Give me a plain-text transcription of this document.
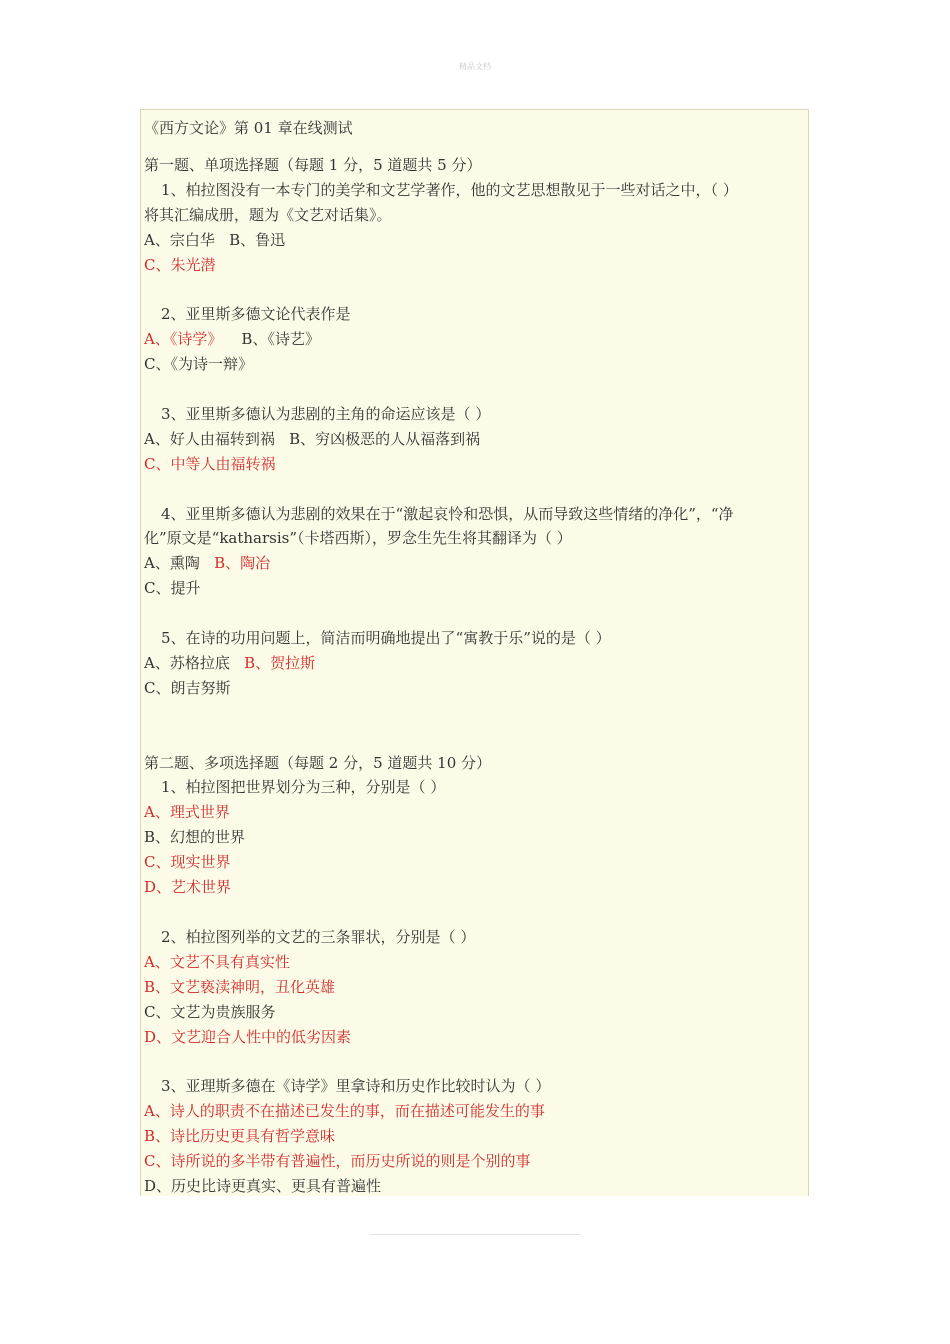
精品文档
《西方文论》第 01 章在线测试
第一题、单项选择题（每题 1 分，5 道题共 5 分）
1、柏拉图没有一本专门的美学和文艺学著作，他的文艺思想散见于一些对话之中，（ ）
将其汇编成册，题为《文艺对话集》。
A、宗白华 B、鲁迅
C、朱光潜
2、亚里斯多德文论代表作是
A、《诗学》 B、《诗艺》
C、《为诗一辩》
3、亚里斯多德认为悲剧的主角的命运应该是（ ）
A、好人由福转到祸 B、穷凶极恶的人从福落到祸
C、中等人由福转祸
4、亚里斯多德认为悲剧的效果在于“激起哀怜和恐惧，从而导致这些情绪的净化”，“净
化”原文是“katharsis”（卡塔西斯），罗念生先生将其翻译为（ ）
A、熏陶 B、陶冶
C、提升
5、在诗的功用问题上，简洁而明确地提出了“寓教于乐”说的是（ ）
A、苏格拉底 B、贺拉斯
C、朗吉努斯
第二题、多项选择题（每题 2 分，5 道题共 10 分）
1、柏拉图把世界划分为三种，分别是（ ）
A、理式世界
B、幻想的世界
C、现实世界
D、艺术世界
2、柏拉图列举的文艺的三条罪状，分别是（ ）
A、文艺不具有真实性
B、文艺亵渎神明，丑化英雄
C、文艺为贵族服务
D、文艺迎合人性中的低劣因素
3、亚理斯多德在《诗学》里拿诗和历史作比较时认为（ ）
A、诗人的职责不在描述已发生的事，而在描述可能发生的事
B、诗比历史更具有哲学意味
C、诗所说的多半带有普遍性，而历史所说的则是个别的事
D、历史比诗更真实、更具有普遍性
